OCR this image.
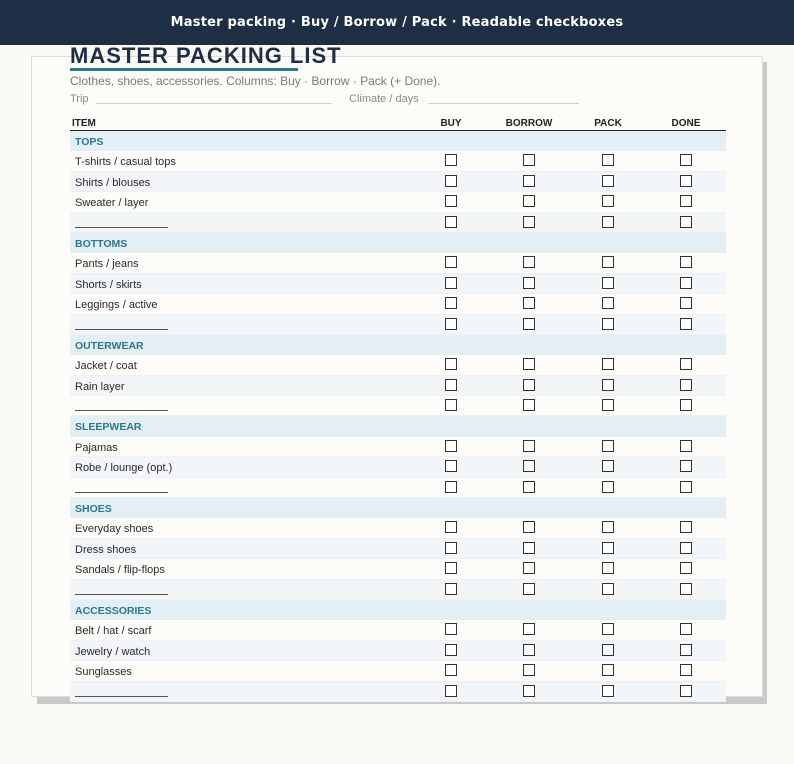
Master packing · Buy / Borrow / Pack · Readable checkboxes
MASTER PACKING LIST
Clothes, shoes, accessories. Columns: Buy · Borrow · Pack (+ Done).
Trip	Climate / days
ITEM	BUY	BORROW	PACK	DONE
TOPS
T-shirts / casual tops
Shirts / blouses
Sweater / layer
BOTTOMS
Pants / jeans
Shorts / skirts
Leggings / active
OUTERWEAR
Jacket / coat
Rain layer
SLEEPWEAR
Pajamas
Robe / lounge (opt.)
SHOES
Everyday shoes
Dress shoes
Sandals / flip-flops
ACCESSORIES
Belt / hat / scarf
Jewelry / watch
Sunglasses
